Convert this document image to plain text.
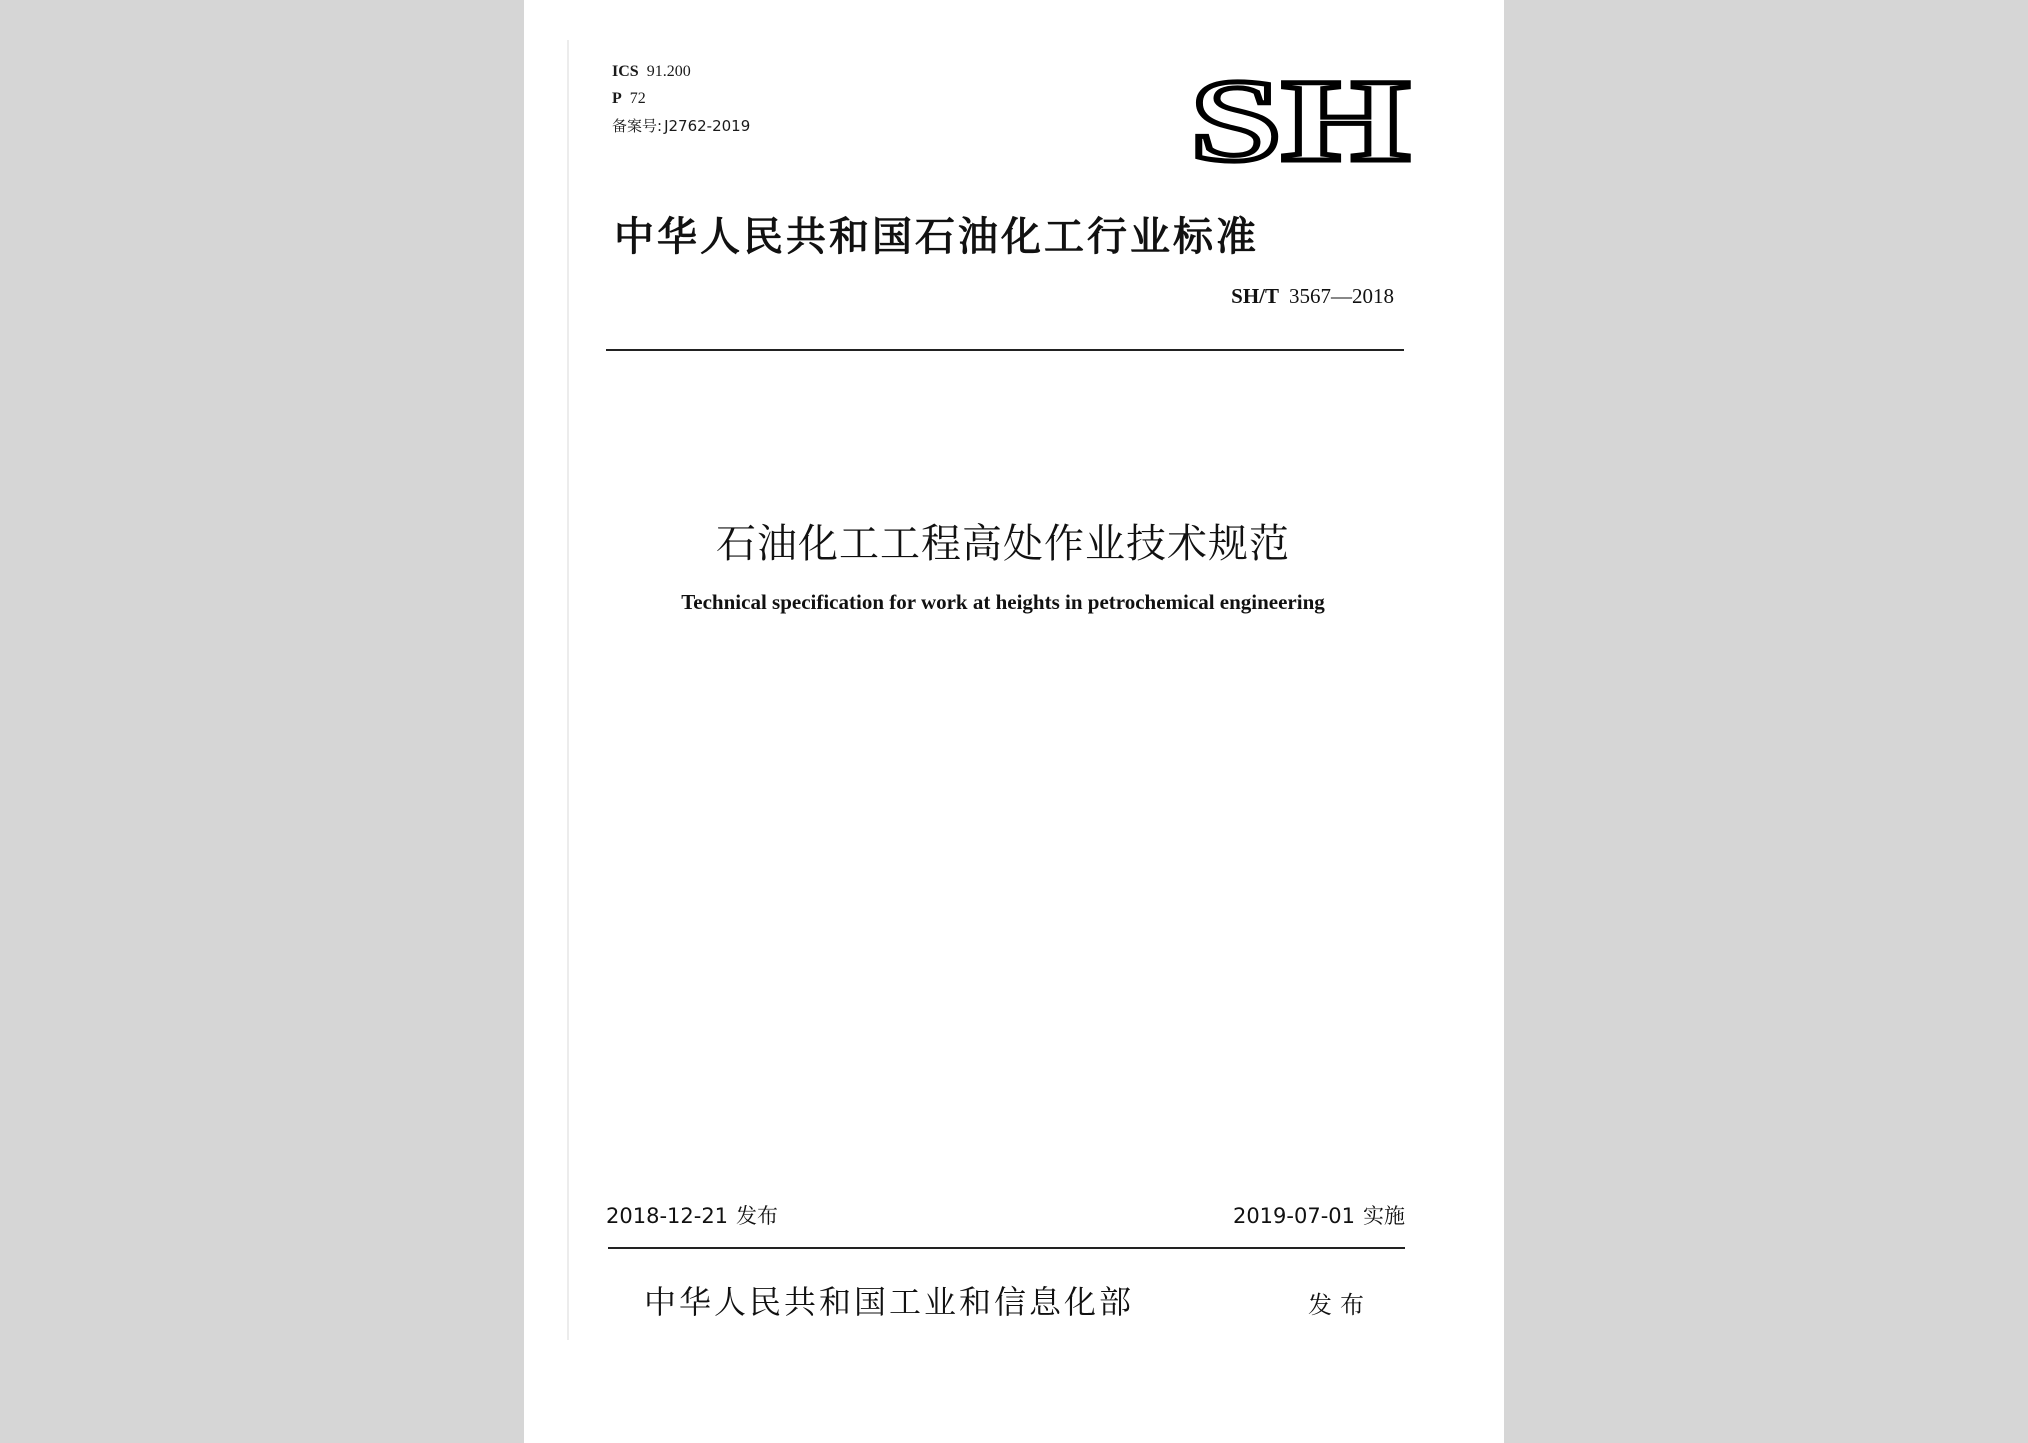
ICS 91.200
P 72
备案号: J2762-2019	SH
中华人民共和国石油化工行业标准
SH/T 3567—2018
石油化工工程高处作业技术规范
Technical specification for work at heights in petrochemical engineering
2018-12-21 发布	2019-07-01 实施
中华人民共和国工业和信息化部	发布
